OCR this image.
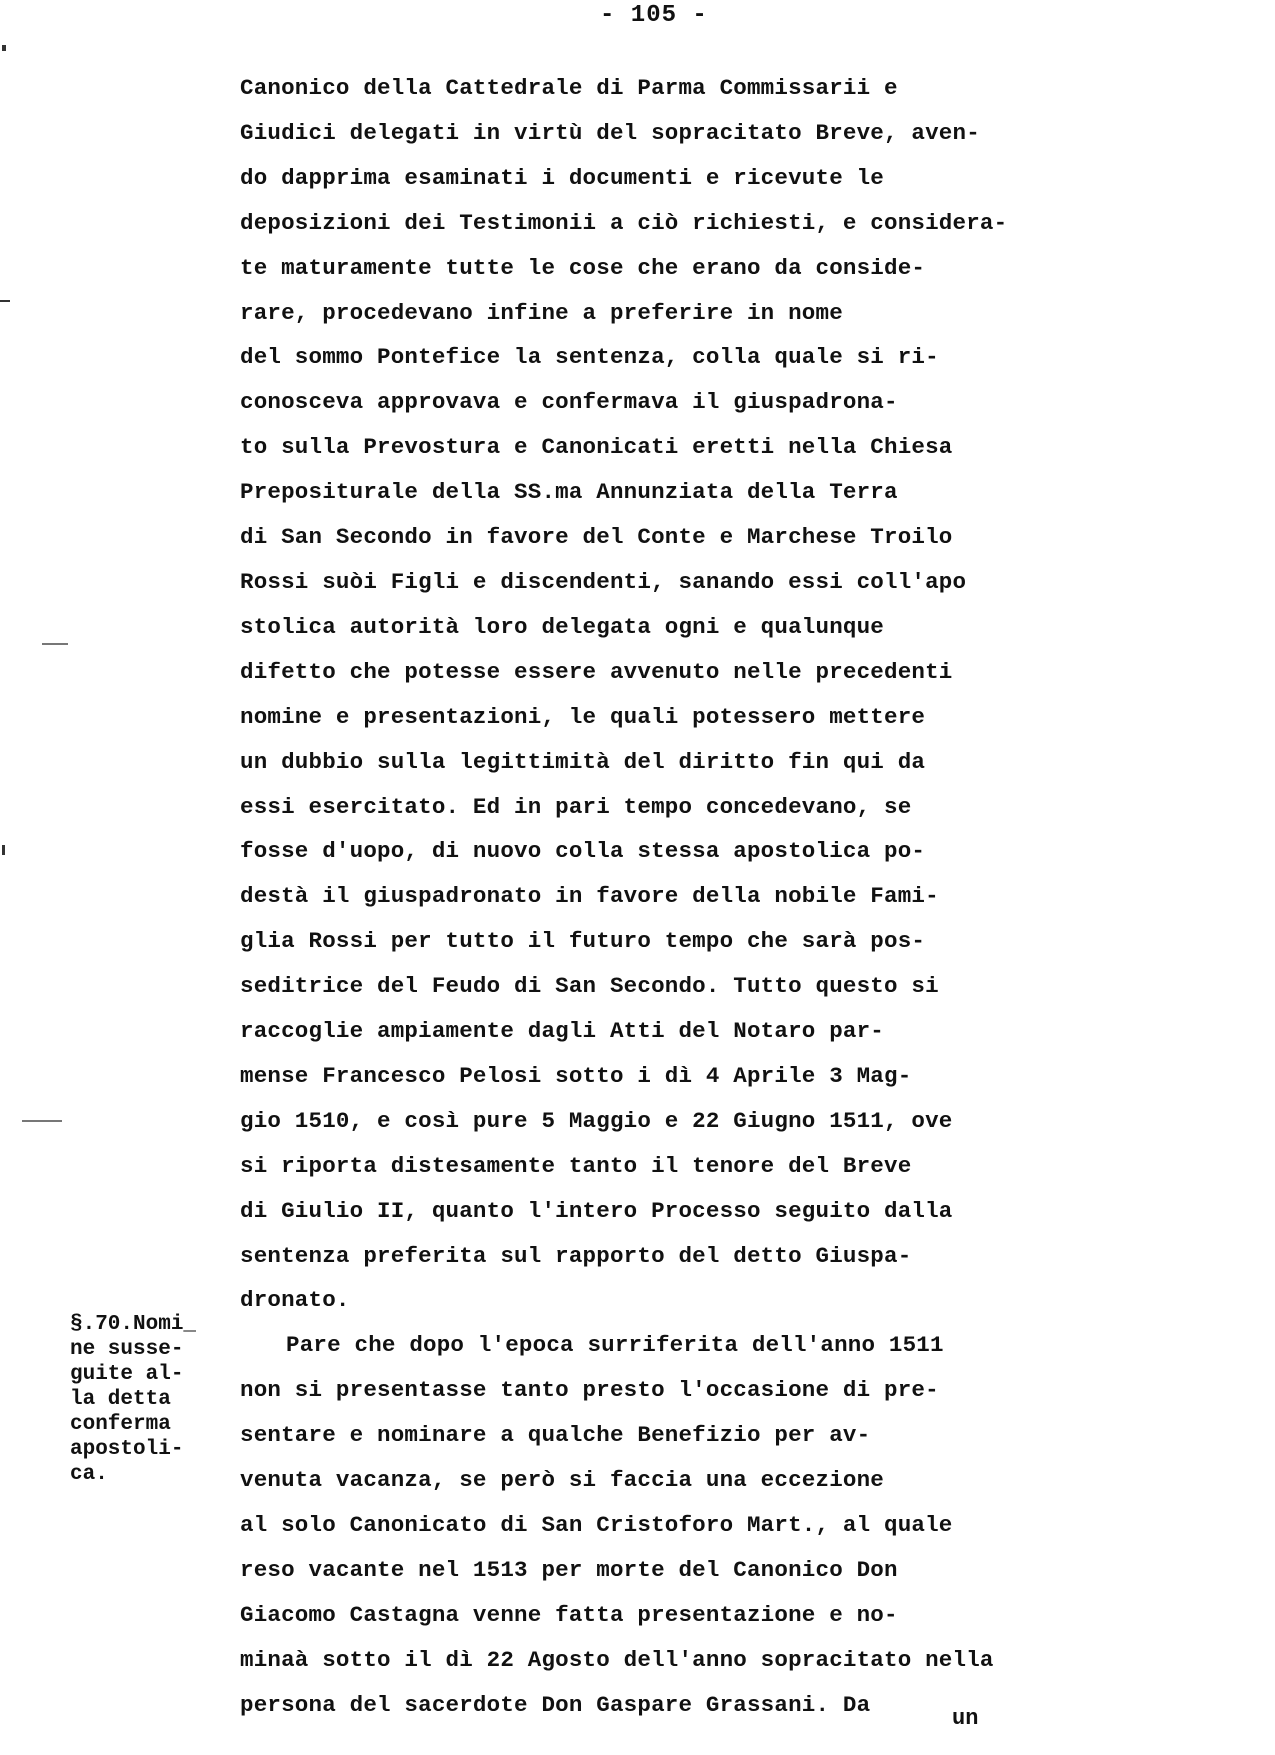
- 105 -
Canonico della Cattedrale di Parma Commissarii e
Giudici delegati in virtù del sopracitato Breve, aven-
do dapprima esaminati i documenti e ricevute le
deposizioni dei Testimonii a ciò richiesti, e considera-
te maturamente tutte le cose che erano da conside-
rare, procedevano infine a preferire in nome
del sommo Pontefice la sentenza, colla quale si ri-
conosceva approvava e confermava il giuspadrona-
to sulla Prevostura e Canonicati eretti nella Chiesa
Prepositurale della SS.ma Annunziata della Terra
di San Secondo in favore del Conte e Marchese Troilo
Rossi suòi Figli e discendenti, sanando essi coll'apo
stolica autorità loro delegata ogni e qualunque
difetto che potesse essere avvenuto nelle precedenti
nomine e presentazioni, le quali potessero mettere
un dubbio sulla legittimità del diritto fin qui da
essi esercitato. Ed in pari tempo concedevano, se
fosse d'uopo, di nuovo colla stessa apostolica po-
destà il giuspadronato in favore della nobile Fami-
glia Rossi per tutto il futuro tempo che sarà pos-
seditrice del Feudo di San Secondo. Tutto questo si
raccoglie ampiamente dagli Atti del Notaro par-
mense Francesco Pelosi sotto i dì 4 Aprile 3 Mag-
gio 1510, e così pure 5 Maggio e 22 Giugno 1511, ove
si riporta distesamente tanto il tenore del Breve
di Giulio II, quanto l'intero Processo seguito dalla
sentenza preferita sul rapporto del detto Giuspa-
dronato.
Pare che dopo l'epoca surriferita dell'anno 1511
non si presentasse tanto presto l'occasione di pre-
sentare e nominare a qualche Benefizio per av-
venuta vacanza, se però si faccia una eccezione
al solo Canonicato di San Cristoforo Mart., al quale
reso vacante nel 1513 per morte del Canonico Don
Giacomo Castagna venne fatta presentazione e no-
minaà sotto il dì 22 Agosto dell'anno sopracitato nella
persona del sacerdote Don Gaspare Grassani. Da
§.70.Nomi_
ne susse-
guite al-
la detta
conferma
apostoli-
ca.
un
